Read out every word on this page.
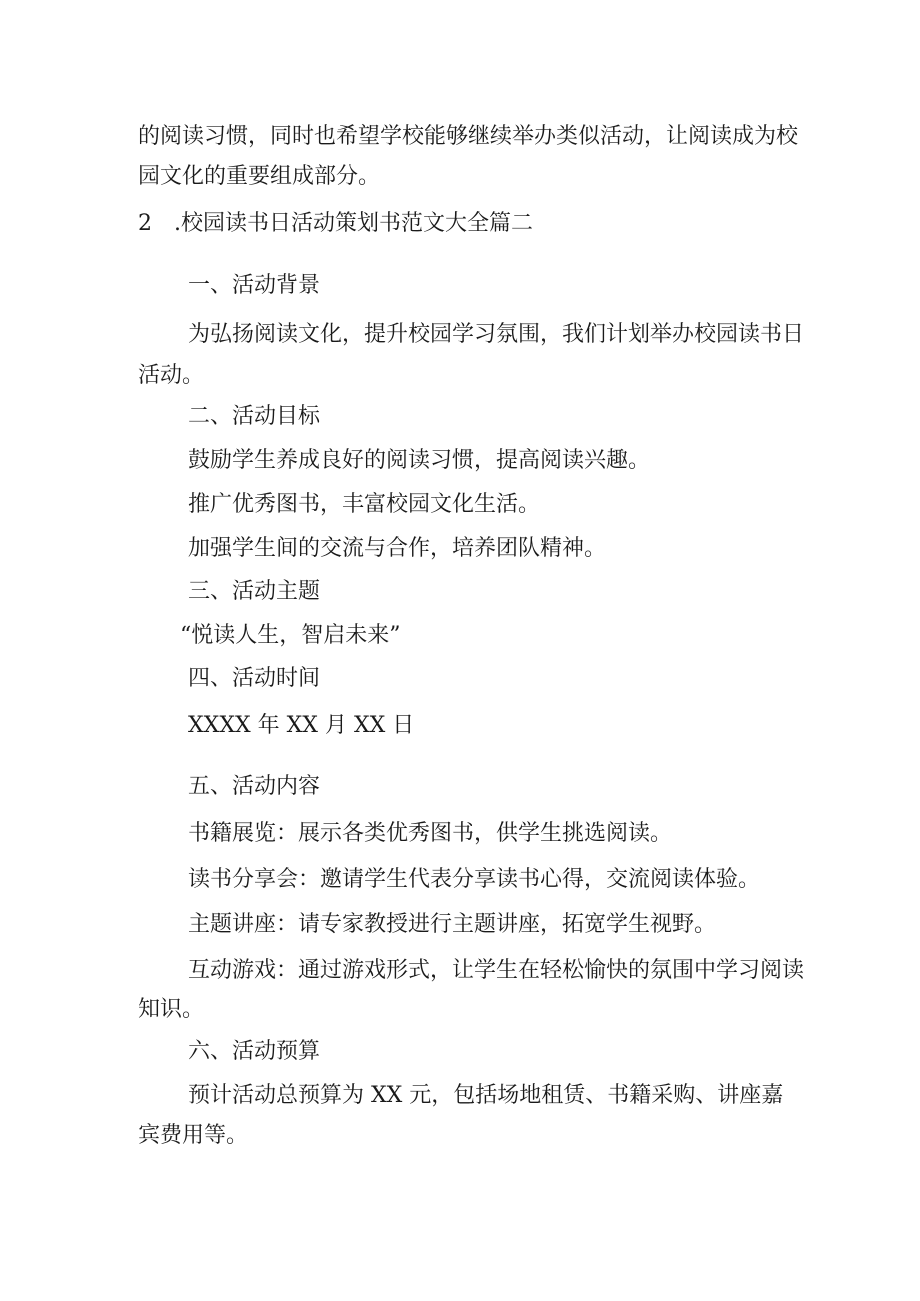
的阅读习惯，同时也希望学校能够继续举办类似活动，让阅读成为校

园文化的重要组成部分。

2 .校园读书日活动策划书范文大全篇二

一、活动背景

为弘扬阅读文化，提升校园学习氛围，我们计划举办校园读书日

活动。

二、活动目标

鼓励学生养成良好的阅读习惯，提高阅读兴趣。

推广优秀图书，丰富校园文化生活。

加强学生间的交流与合作，培养团队精神。

三、活动主题

“悦读人生，智启未来”

四、活动时间

XXXX 年 XX 月 XX 日

五、活动内容

书籍展览：展示各类优秀图书，供学生挑选阅读。

读书分享会：邀请学生代表分享读书心得，交流阅读体验。

主题讲座：请专家教授进行主题讲座，拓宽学生视野。

互动游戏：通过游戏形式，让学生在轻松愉快的氛围中学习阅读

知识。

六、活动预算

预计活动总预算为 XX 元，包括场地租赁、书籍采购、讲座嘉

宾费用等。
